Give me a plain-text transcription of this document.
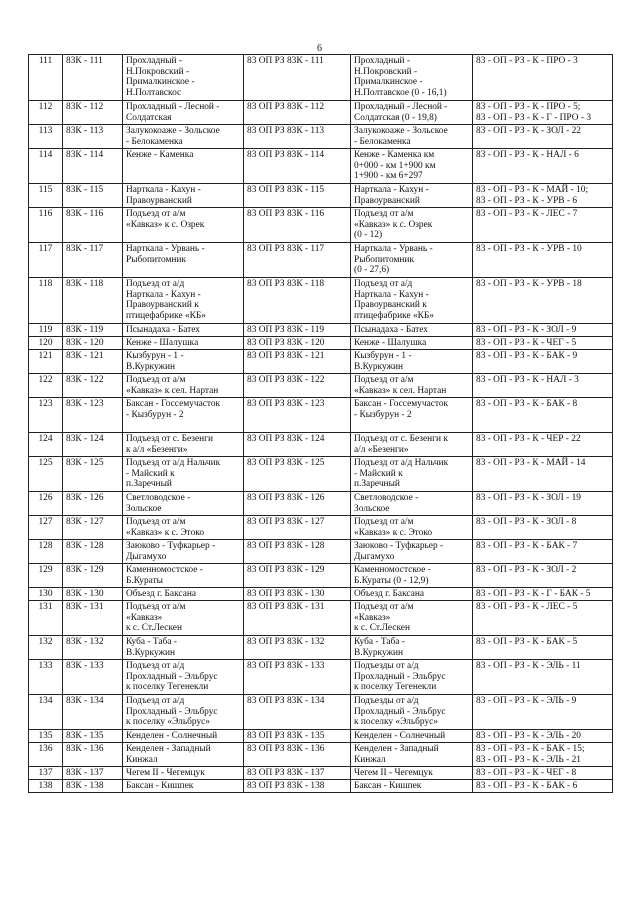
6
111	83К - 111	Прохладный -
Н.Покровский -
Прималкинское -
Н.Полтавскос	83 ОП РЗ 83К - 111	Прохладный -
Н.Покровский -
Прималкинское -
Н.Полтавское (0 - 16,1)	83 - ОП - РЗ - К - ПРО - 3

112	83К - 112	Прохладный - Лесной -
Солдатская	83 ОП РЗ 83К - 112	Прохладный - Лесной -
Солдатская (0 - 19,8)	83 - ОП - РЗ - К - ПРО - 5;
83 - ОП - РЗ - К - Г - ПРО - 3

113	83К - 113	Залукокоаже - Зольское
- Белокаменка	83 ОП РЗ 83К - 113	Залукокоаже - Зольское
- Белокаменка	83 - ОП - РЗ - К - ЗОЛ - 22

114	83К - 114	Кенже - Каменка	83 ОП РЗ 83К - 114	Кенже - Каменка км
0+000 - км 1+900 км
1+900 - км 6+297	83 - ОП - РЗ - К - НАЛ - 6

115	83К - 115	Нарткала - Кахун -
Правоурванский	83 ОП РЗ 83К - 115	Нарткала - Кахун -
Правоурванский	83 - ОП - РЗ - К - МАЙ - 10;
83 - ОП - РЗ - К - УРВ - 6

116	83К - 116	Подъезд от а/м
«Кавказ» к с. Озрек	83 ОП РЗ 83К - 116	Подъезд от а/м
«Кавказ» к с. Озрек
(0 - 12)	83 - ОП - РЗ - К - ЛЕС - 7

117	83К - 117	Нарткала - Урвань -
Рыбопитомник	83 ОП РЗ 83К - 117	Нарткала - Урвань -
Рыбопитомник
(0 - 27,6)	83 - ОП - РЗ - К - УРВ - 10

118	83К - 118	Подъезд от а/д
Нарткала - Кахун -
Правоурванский к
птицефабрике «КБ»	83 ОП РЗ 83К - 118	Подъезд от а/д
Нарткала - Кахун -
Правоурванский к
птицефабрике «КБ»	83 - ОП - РЗ - К - УРВ - 18

119	83К - 119	Псынадаха - Батех	83 ОП РЗ 83К - 119	Псынадаха - Батех	83 - ОП - РЗ - К - ЗОЛ - 9

120	83К - 120	Кенже - Шалушка	83 ОП РЗ 83К - 120	Кенже - Шалушка	83 - ОП - РЗ - К - ЧЕГ - 5

121	83К - 121	Кызбурун - 1 -
В.Куркужин	83 ОП РЗ 83К - 121	Кызбурун - 1 -
В.Куркужин	83 - ОП - РЗ - К - БАК - 9

122	83К - 122	Подъезд от а/м
«Кавказ» к сел. Нартан	83 ОП РЗ 83К - 122	Подъезд от а/м
«Кавказ» к сел. Нартан	83 - ОП - РЗ - К - НАЛ - 3

123	83К - 123	Баксан - Госсемучасток
- Кызбурун - 2	83 ОП РЗ 83К - 123	Баксан - Госсемучасток
- Кызбурун - 2	83 - ОП - РЗ - К - БАК - 8

124	83К - 124	Подъезд от с. Безенги
к а/л «Безенги»	83 ОП РЗ 83К - 124	Подъезд от с. Безенги к
а/л «Безенги»	83 - ОП - РЗ - К - ЧЕР - 22

125	83К - 125	Подъезд от а/д Нальчик
- Майский к
п.Заречный	83 ОП РЗ 83К - 125	Подъезд от а/д Нальчик
- Майский к
п.Заречный	83 - ОП - РЗ - К - МАЙ - 14

126	83К - 126	Светловодское -
Зольское	83 ОП РЗ 83К - 126	Светловодское -
Зольское	83 - ОП - РЗ - К - ЗОЛ - 19

127	83К - 127	Подъезд от а/м
«Кавказ» к с. Этоко	83 ОП РЗ 83К - 127	Подъезд от а/м
«Кавказ» к с. Этоко	83 - ОП - РЗ - К - ЗОЛ - 8

128	83К - 128	Заюково - Туфкарьер -
Дыгамухо	83 ОП РЗ 83К - 128	Заюково - Туфкарьер -
Дыгамухо	83 - ОП - РЗ - К - БАК - 7

129	83К - 129	Каменномостское -
Б.Кураты	83 ОП РЗ 83К - 129	Каменномостское -
Б.Кураты (0 - 12,9)	83 - ОП - РЗ - К - ЗОЛ - 2

130	83К - 130	Объезд г. Баксана	83 ОП РЗ 83К - 130	Объезд г. Баксана	83 - ОП - РЗ - К - Г - БАК - 5

131	83К - 131	Подъезд от а/м
«Кавказ»
к с. Ст.Лескен	83 ОП РЗ 83К - 131	Подъезд от а/м
«Кавказ»
к с. Ст.Лескен	83 - ОП - РЗ - К - ЛЕС - 5

132	83К - 132	Куба - Таба -
В.Куркужин	83 ОП РЗ 83К - 132	Куба - Таба -
В.Куркужин	83 - ОП - РЗ - К - БАК - 5

133	83К - 133	Подъезд от а/д
Прохладный - Эльбрус
к поселку Тегенекли	83 ОП РЗ 83К - 133	Подъезды от а/д
Прохладный - Эльбрус
к поселку Тегенекли	83 - ОП - РЗ - К - ЭЛЬ - 11

134	83К - 134	Подъезд от а/д
Прохладный - Эльбрус
к поселку «Эльбрус»	83 ОП РЗ 83К - 134	Подъезды от а/д
Прохладный - Эльбрус
к поселку «Эльбрус»	83 - ОП - РЗ - К - ЭЛЬ - 9

135	83К - 135	Кенделен - Солнечный	83 ОП РЗ 83К - 135	Кенделен - Солнечный	83 - ОП - РЗ - К - ЭЛЬ - 20

136	83К - 136	Кенделен - Западный
Кинжал	83 ОП РЗ 83К - 136	Кенделен - Западный
Кинжал	83 - ОП - РЗ - К - БАК - 15;
83 - ОП - РЗ - К - ЭЛЬ - 21

137	83К - 137	Чегем II - Чегемцук	83 ОП РЗ 83К - 137	Чегем II - Чегемцук	83 - ОП - РЗ - К - ЧЕГ - 8

138	83К - 138	Баксан - Кишпек	83 ОП РЗ 83К - 138	Баксан - Кишпек	83 - ОП - РЗ - К - БАК - 6
